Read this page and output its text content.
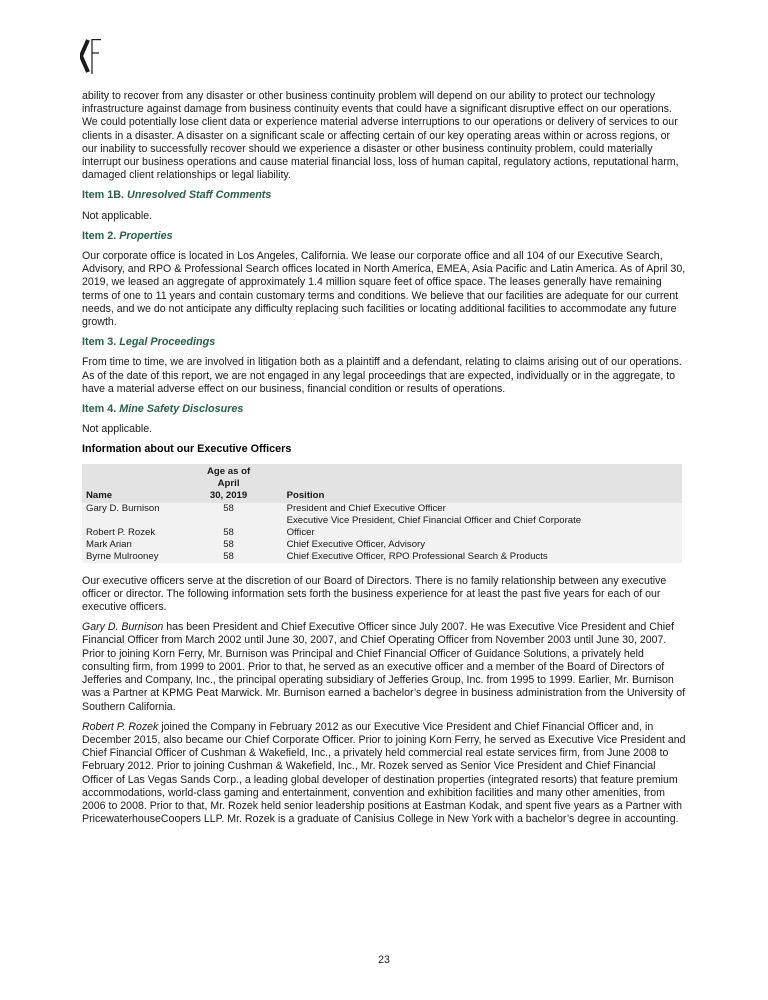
ability to recover from any disaster or other business continuity problem will depend on our ability to protect our technology infrastructure against damage from business continuity events that could have a significant disruptive effect on our operations. We could potentially lose client data or experience material adverse interruptions to our operations or delivery of services to our clients in a disaster. A disaster on a significant scale or affecting certain of our key operating areas within or across regions, or our inability to successfully recover should we experience a disaster or other business continuity problem, could materially interrupt our business operations and cause material financial loss, loss of human capital, regulatory actions, reputational harm, damaged client relationships or legal liability.

Item 1B. Unresolved Staff Comments

Not applicable.

Item 2. Properties

Our corporate office is located in Los Angeles, California. We lease our corporate office and all 104 of our Executive Search, Advisory, and RPO & Professional Search offices located in North America, EMEA, Asia Pacific and Latin America. As of April 30, 2019, we leased an aggregate of approximately 1.4 million square feet of office space. The leases generally have remaining terms of one to 11 years and contain customary terms and conditions. We believe that our facilities are adequate for our current needs, and we do not anticipate any difficulty replacing such facilities or locating additional facilities to accommodate any future growth.

Item 3. Legal Proceedings

From time to time, we are involved in litigation both as a plaintiff and a defendant, relating to claims arising out of our operations. As of the date of this report, we are not engaged in any legal proceedings that are expected, individually or in the aggregate, to have a material adverse effect on our business, financial condition or results of operations.

Item 4. Mine Safety Disclosures

Not applicable.

Information about our Executive Officers
Name	Age as of
April
30, 2019	Position
Gary D. Burnison	58	President and Chief Executive Officer
Robert P. Rozek	58	Executive Vice President, Chief Financial Officer and Chief Corporate
Officer
Mark Arian	58	Chief Executive Officer, Advisory
Byrne Mulrooney	58	Chief Executive Officer, RPO Professional Search & Products

Our executive officers serve at the discretion of our Board of Directors. There is no family relationship between any executive officer or director. The following information sets forth the business experience for at least the past five years for each of our executive officers.

Gary D. Burnison has been President and Chief Executive Officer since July 2007. He was Executive Vice President and Chief Financial Officer from March 2002 until June 30, 2007, and Chief Operating Officer from November 2003 until June 30, 2007. Prior to joining Korn Ferry, Mr. Burnison was Principal and Chief Financial Officer of Guidance Solutions, a privately held consulting firm, from 1999 to 2001. Prior to that, he served as an executive officer and a member of the Board of Directors of Jefferies and Company, Inc., the principal operating subsidiary of Jefferies Group, Inc. from 1995 to 1999. Earlier, Mr. Burnison was a Partner at KPMG Peat Marwick. Mr. Burnison earned a bachelor’s degree in business administration from the University of Southern California.

Robert P. Rozek joined the Company in February 2012 as our Executive Vice President and Chief Financial Officer and, in December 2015, also became our Chief Corporate Officer. Prior to joining Korn Ferry, he served as Executive Vice President and Chief Financial Officer of Cushman & Wakefield, Inc., a privately held commercial real estate services firm, from June 2008 to February 2012. Prior to joining Cushman & Wakefield, Inc., Mr. Rozek served as Senior Vice President and Chief Financial Officer of Las Vegas Sands Corp., a leading global developer of destination properties (integrated resorts) that feature premium accommodations, world-class gaming and entertainment, convention and exhibition facilities and many other amenities, from 2006 to 2008. Prior to that, Mr. Rozek held senior leadership positions at Eastman Kodak, and spent five years as a Partner with PricewaterhouseCoopers LLP. Mr. Rozek is a graduate of Canisius College in New York with a bachelor’s degree in accounting.

23
